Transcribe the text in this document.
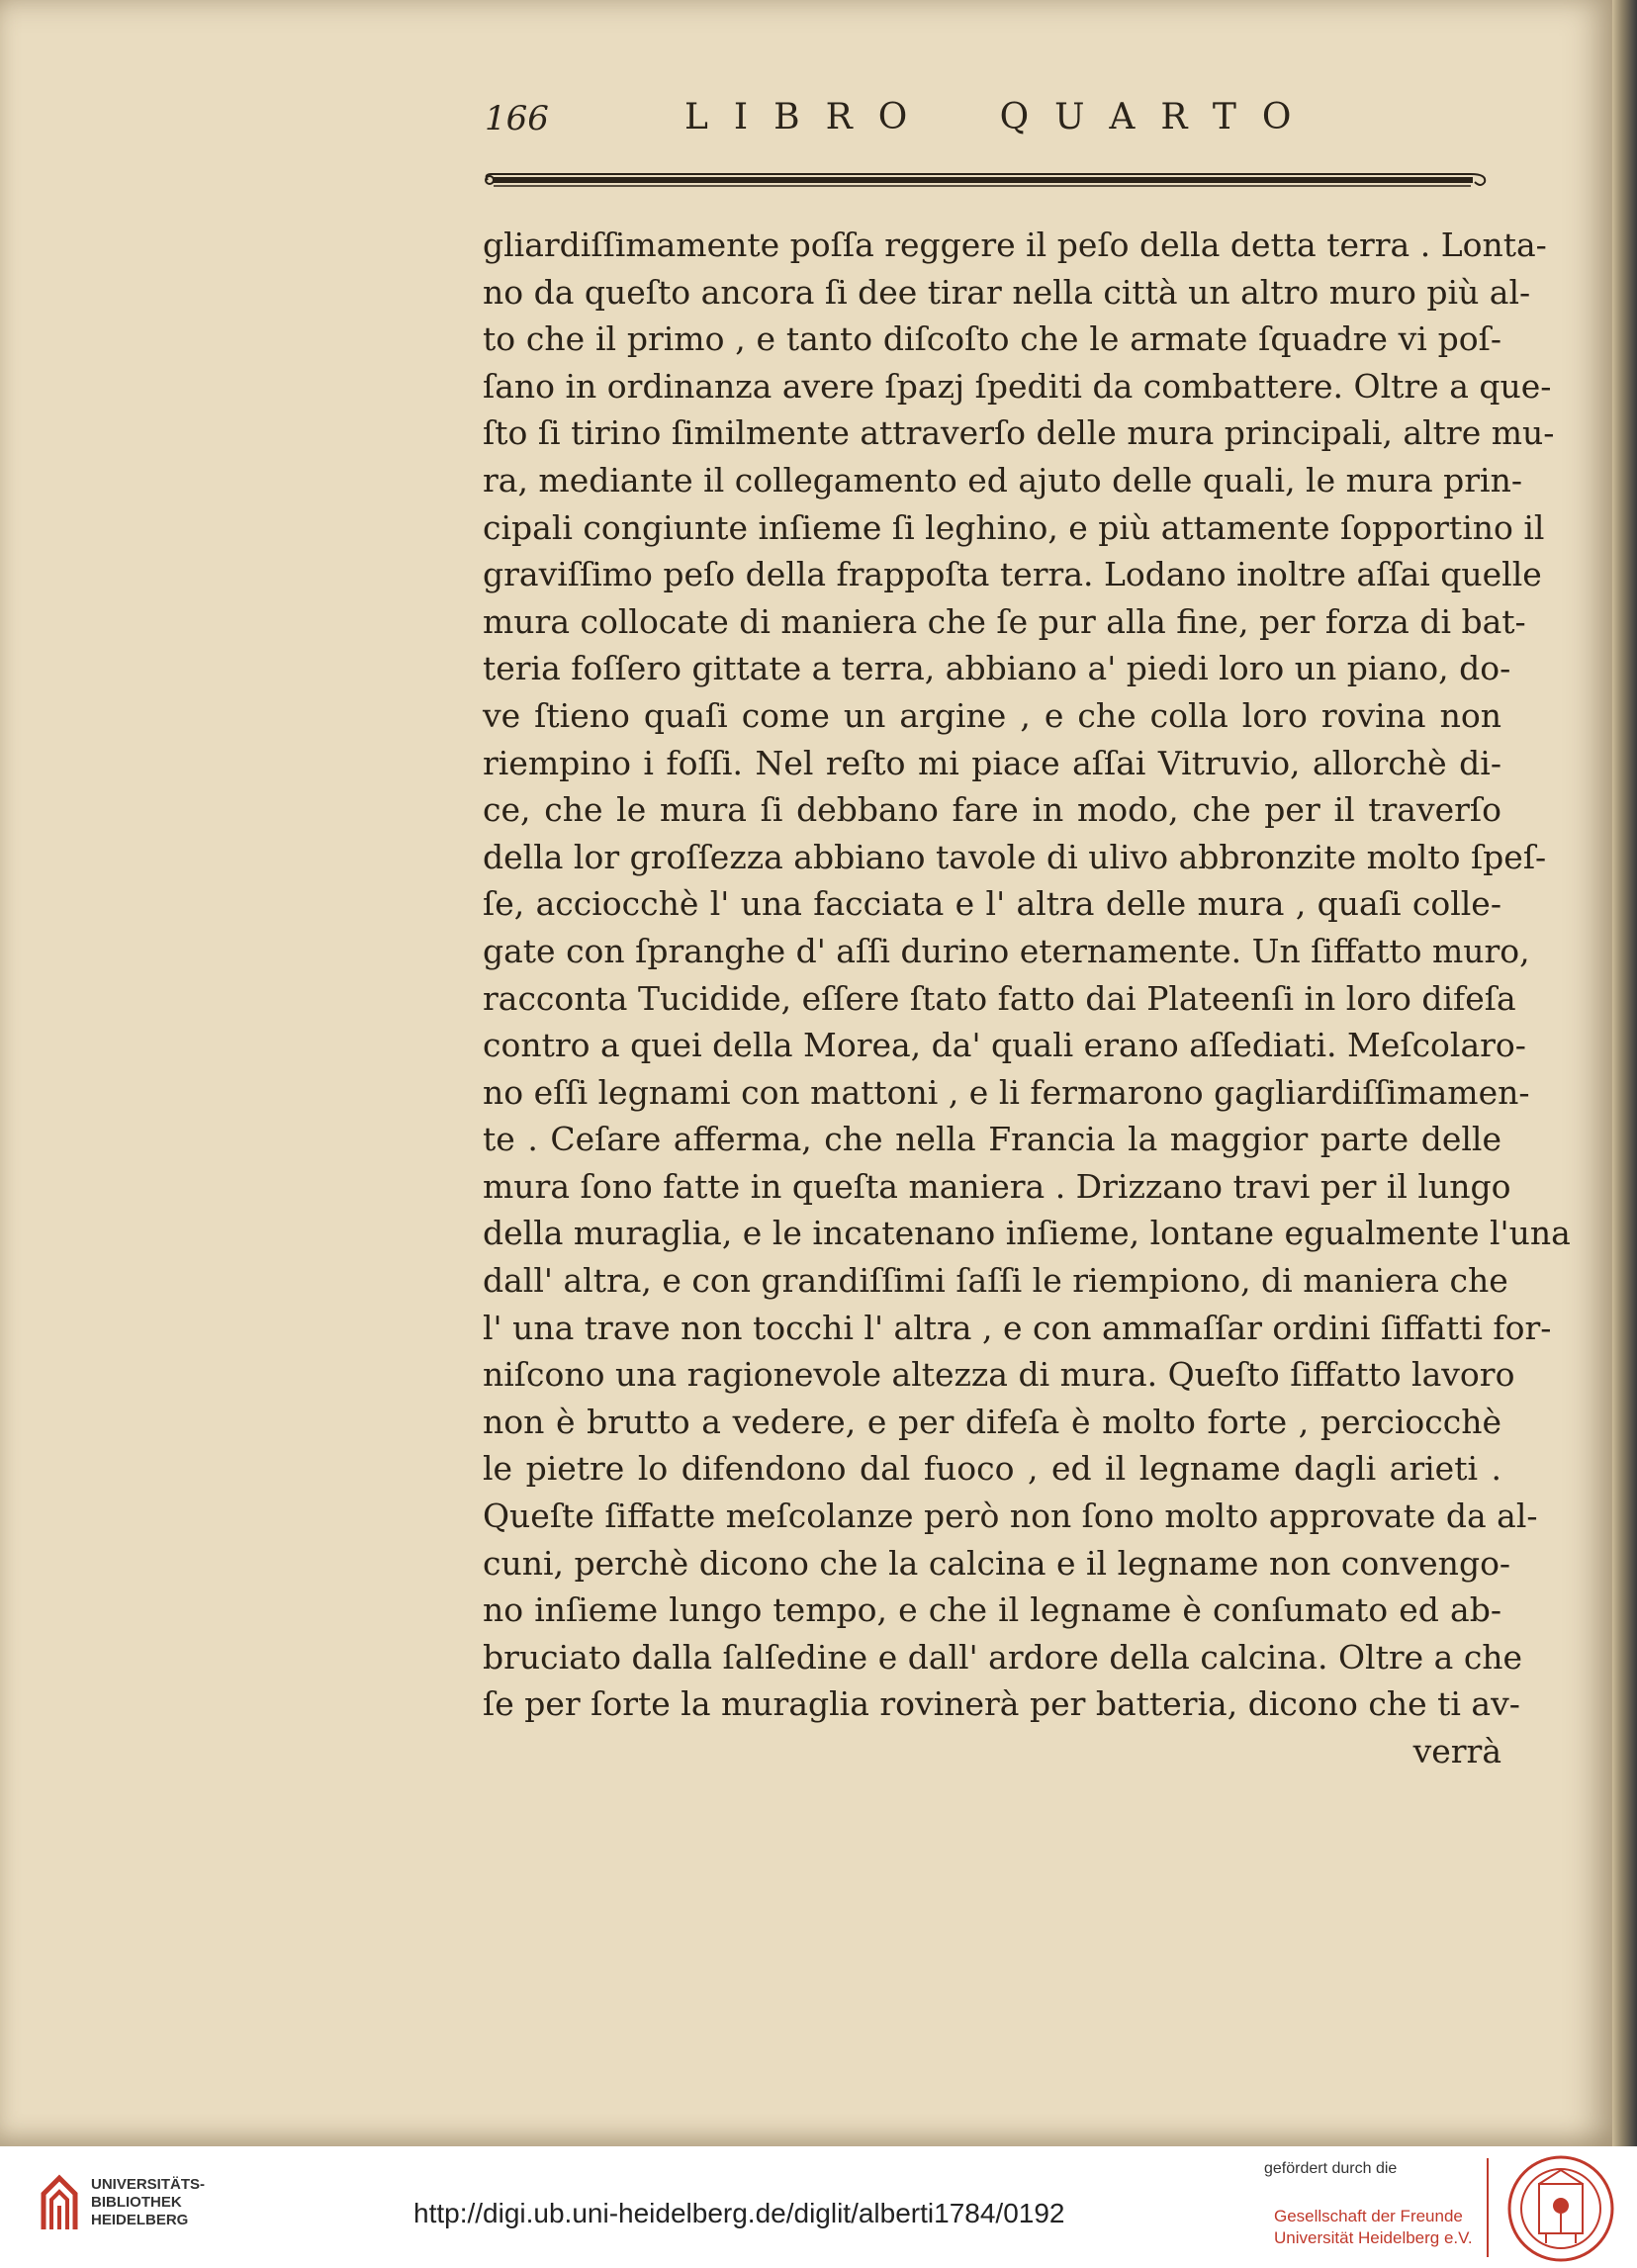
166	LIBRO QUARTO
gliardiſſimamente poſſa reggere il peſo della detta terra . Lonta-
no da queſto ancora ſi dee tirar nella città un altro muro più al-
to che il primo , e tanto diſcoſto che le armate ſquadre vi poſ-
ſano in ordinanza avere ſpazj ſpediti da combattere. Oltre a que-
ſto ſi tirino ſimilmente attraverſo delle mura principali, altre mu-
ra, mediante il collegamento ed ajuto delle quali, le mura prin-
cipali congiunte inſieme ſi leghino, e più attamente ſopportino il
graviſſimo peſo della frappoſta terra. Lodano inoltre aſſai quelle
mura collocate di maniera che ſe pur alla fine, per forza di bat-
teria foſſero gittate a terra, abbiano a' piedi loro un piano, do-
ve ſtieno quaſi come un argine , e che colla loro rovina non
riempino i foſſi. Nel reſto mi piace aſſai Vitruvio, allorchè di-
ce, che le mura ſi debbano fare in modo, che per il traverſo
della lor groſſezza abbiano tavole di ulivo abbronzite molto ſpeſ-
ſe, acciocchè l' una facciata e l' altra delle mura , quaſi colle-
gate con ſpranghe d' aſſi durino eternamente. Un ſiffatto muro,
racconta Tucidide, eſſere ſtato fatto dai Plateenſi in loro difeſa
contro a quei della Morea, da' quali erano aſſediati. Meſcolaro-
no eſſi legnami con mattoni , e li fermarono gagliardiſſimamen-
te . Ceſare afferma, che nella Francia la maggior parte delle
mura ſono fatte in queſta maniera . Drizzano travi per il lungo
della muraglia, e le incatenano inſieme, lontane egualmente l'una
dall' altra, e con grandiſſimi ſaſſi le riempiono, di maniera che
l' una trave non tocchi l' altra , e con ammaſſar ordini ſiffatti for-
niſcono una ragionevole altezza di mura. Queſto ſiffatto lavoro
non è brutto a vedere, e per difeſa è molto forte , perciocchè
le pietre lo difendono dal fuoco , ed il legname dagli arieti .
Queſte ſiffatte meſcolanze però non ſono molto approvate da al-
cuni, perchè dicono che la calcina e il legname non convengo-
no inſieme lungo tempo, e che il legname è conſumato ed ab-
bruciato dalla ſalſedine e dall' ardore della calcina. Oltre a che
ſe per ſorte la muraglia rovinerà per batteria, dicono che ti av-
verrà
UNIVERSITÄTS-
BIBLIOTHEK
HEIDELBERG	http://digi.ub.uni-heidelberg.de/diglit/alberti1784/0192
gefördert durch die
Gesellschaft der Freunde
Universität Heidelberg e.V.
